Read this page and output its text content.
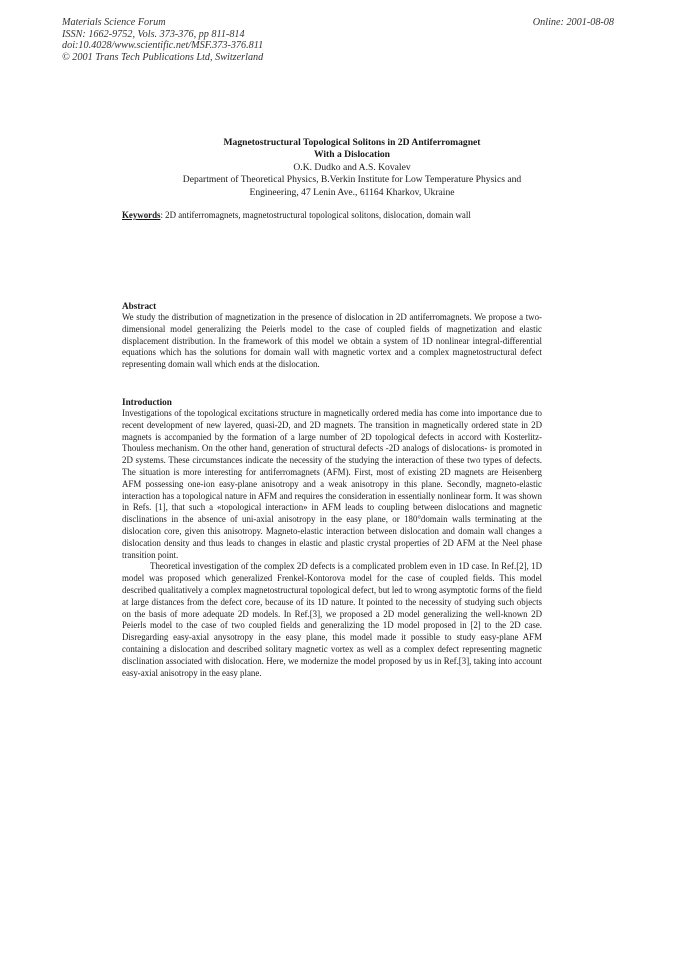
Materials Science Forum
ISSN: 1662-9752, Vols. 373-376, pp 811-814
doi:10.4028/www.scientific.net/MSF.373-376.811
© 2001 Trans Tech Publications Ltd, Switzerland
Online: 2001-08-08
Magnetostructural Topological Solitons in 2D Antiferromagnet
With a Dislocation
O.K. Dudko and A.S. Kovalev
Department of Theoretical Physics, B.Verkin Institute for Low Temperature Physics and
Engineering, 47 Lenin Ave., 61164 Kharkov, Ukraine
Keywords: 2D antiferromagnets, magnetostructural topological solitons, dislocation, domain wall
Abstract

We study the distribution of magnetization in the presence of dislocation in 2D antiferromagnets. We propose a two-dimensional model generalizing the Peierls model to the case of coupled fields of magnetization and elastic displacement distribution. In the framework of this model we obtain a system of 1D nonlinear integral-differential equations which has the solutions for domain wall with magnetic vortex and a complex magnetostructural defect representing domain wall which ends at the dislocation.

Introduction

Investigations of the topological excitations structure in magnetically ordered media has come into importance due to recent development of new layered, quasi-2D, and 2D magnets. The transition in magnetically ordered state in 2D magnets is accompanied by the formation of a large number of 2D topological defects in accord with Kosterlitz-Thouless mechanism. On the other hand, generation of structural defects -2D analogs of dislocations- is promoted in 2D systems. These circumstances indicate the necessity of the studying the interaction of these two types of defects. The situation is more interesting for antiferromagnets (AFM). First, most of existing 2D magnets are Heisenberg AFM possessing one-ion easy-plane anisotropy and a weak anisotropy in this plane. Secondly, magneto-elastic interaction has a topological nature in AFM and requires the consideration in essentially nonlinear form. It was shown in Refs. [1], that such a «topological interaction» in AFM leads to coupling between dislocations and magnetic disclinations in the absence of uni-axial anisotropy in the easy plane, or 180°domain walls terminating at the dislocation core, given this anisotropy. Magneto-elastic interaction between dislocation and domain wall changes a dislocation density and thus leads to changes in elastic and plastic crystal properties of 2D AFM at the Neel phase transition point.

Theoretical investigation of the complex 2D defects is a complicated problem even in 1D case. In Ref.[2], 1D model was proposed which generalized Frenkel-Kontorova model for the case of coupled fields. This model described qualitatively a complex magnetostructural topological defect, but led to wrong asymptotic forms of the field at large distances from the defect core, because of its 1D nature. It pointed to the necessity of studying such objects on the basis of more adequate 2D models. In Ref.[3], we proposed a 2D model generalizing the well-known 2D Peierls model to the case of two coupled fields and generalizing the 1D model proposed in [2] to the 2D case. Disregarding easy-axial anysotropy in the easy plane, this model made it possible to study easy-plane AFM containing a dislocation and described solitary magnetic vortex as well as a complex defect representing magnetic disclination associated with dislocation. Here, we modernize the model proposed by us in Ref.[3], taking into account easy-axial anisotropy in the easy plane.
